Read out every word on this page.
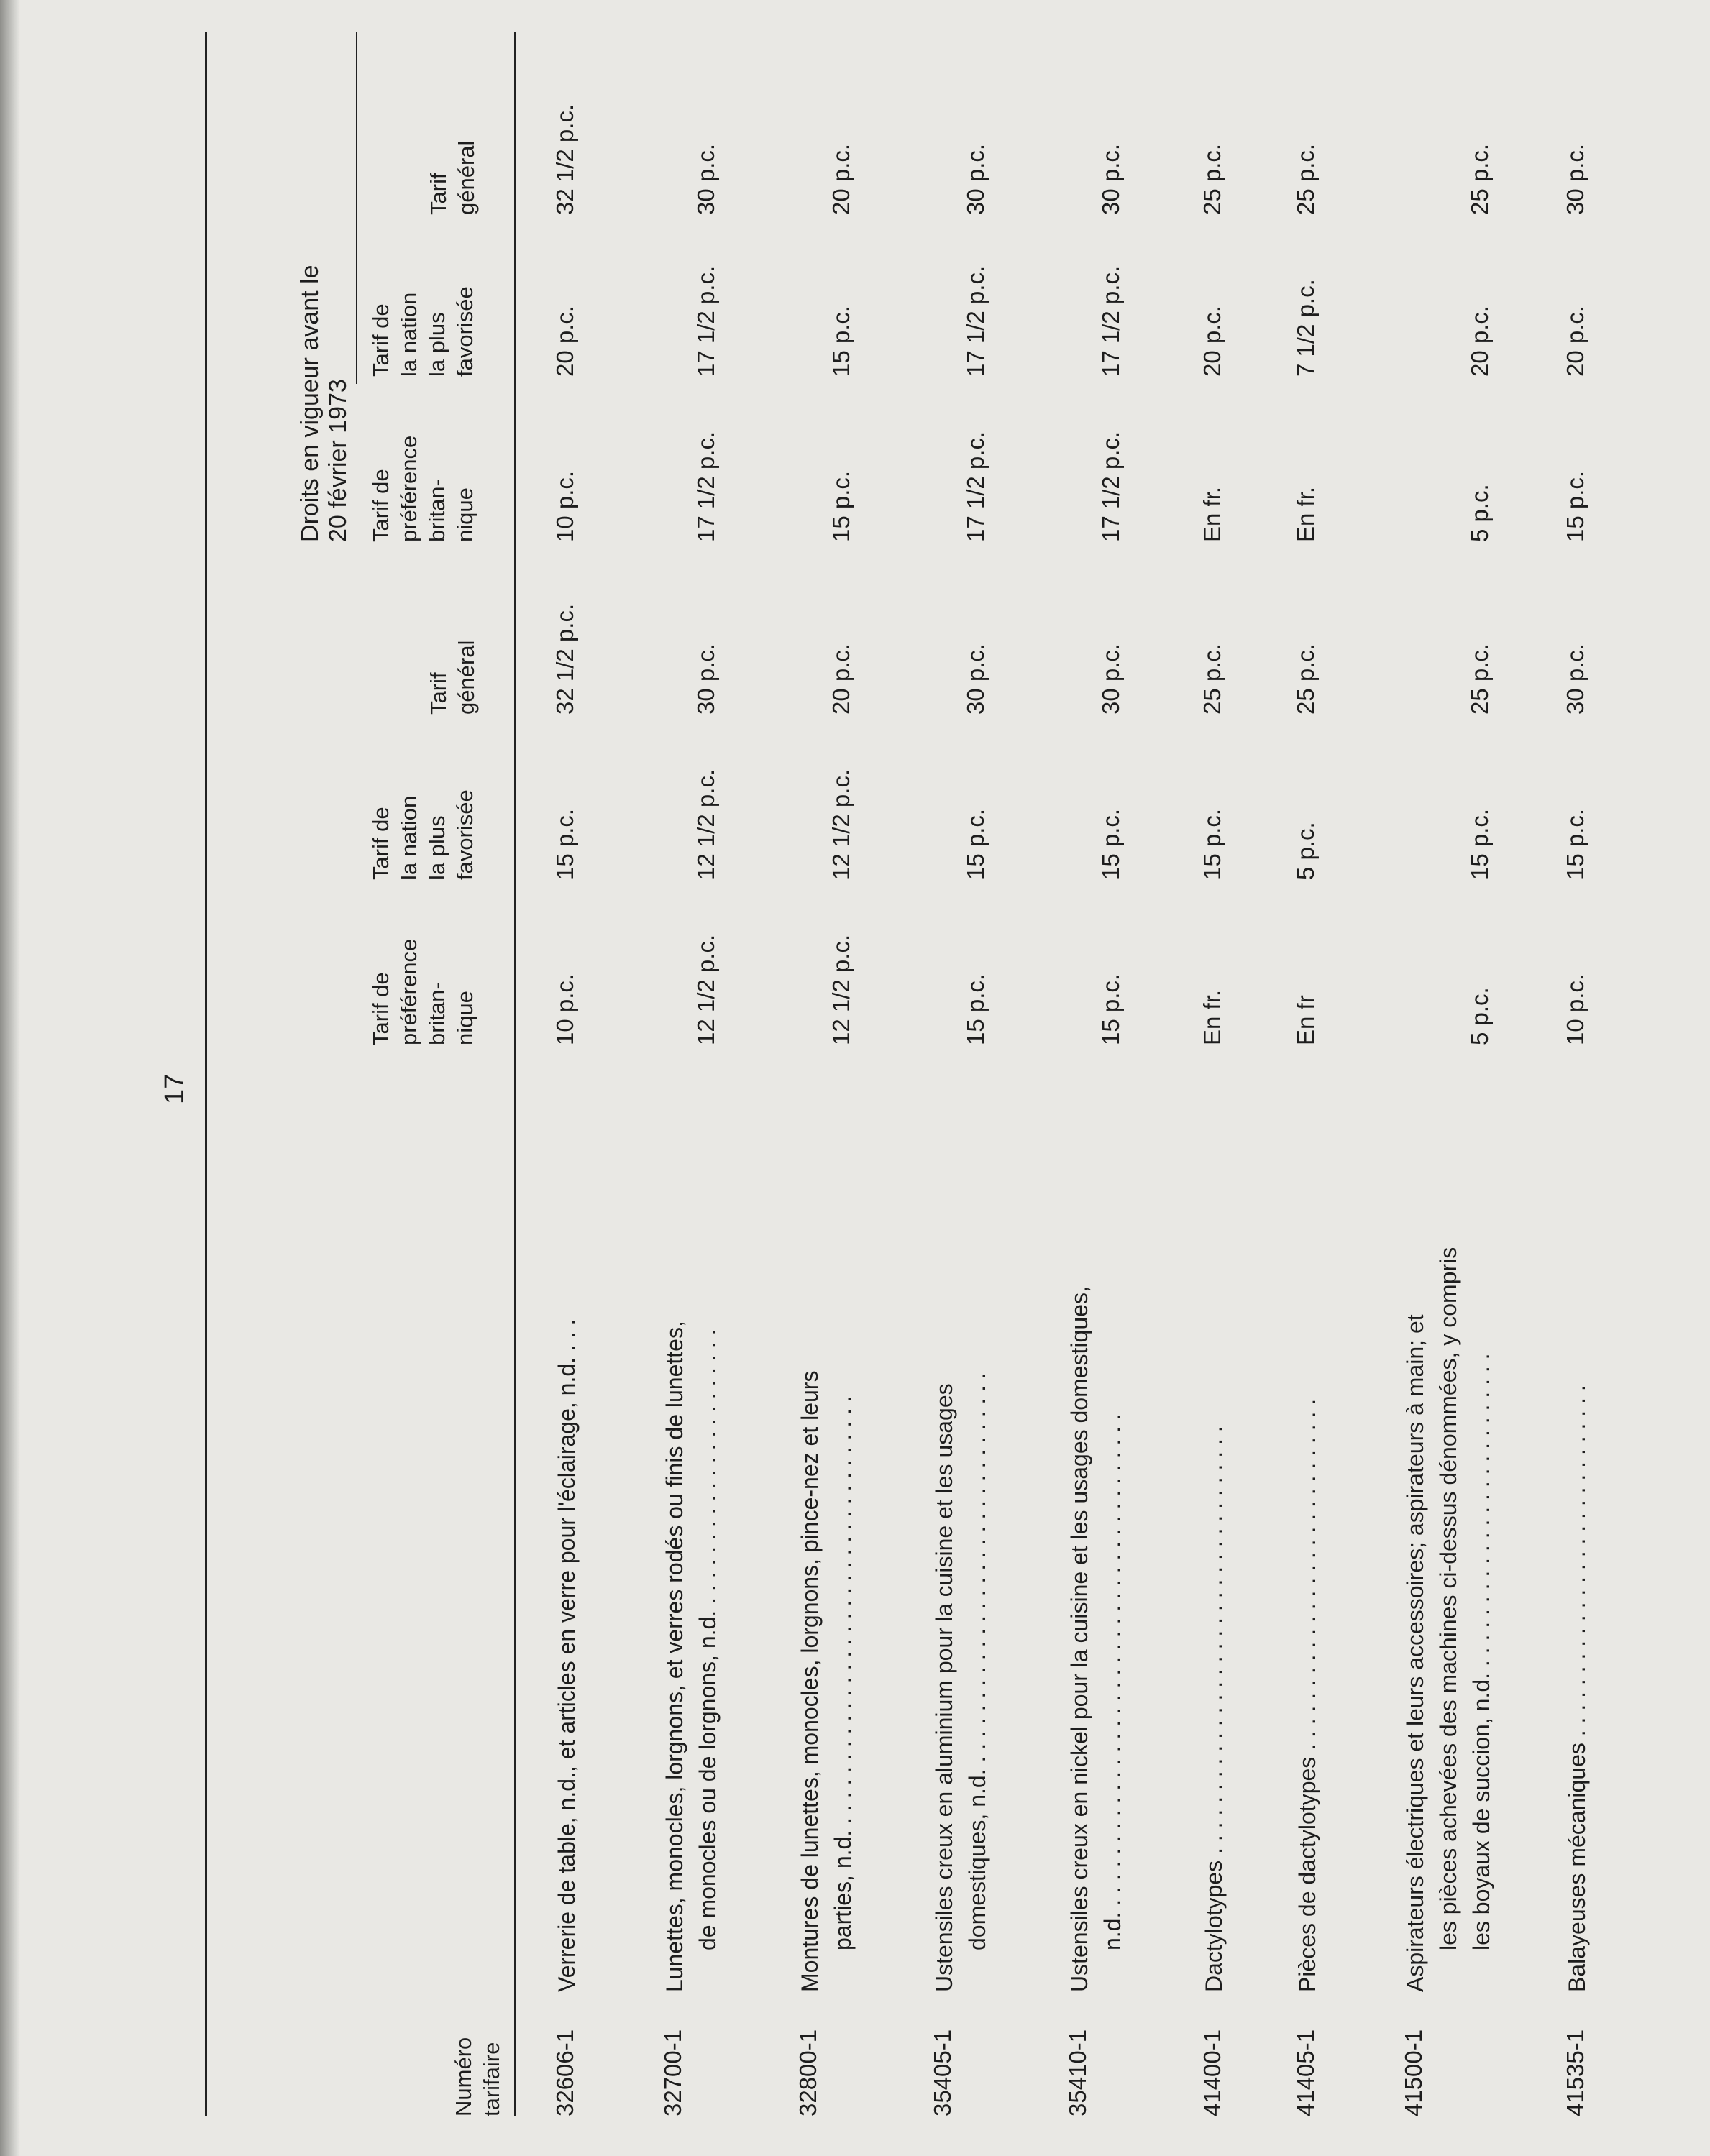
17
Numéro tarifaire
Tarif de préférence britan- nique
Tarif de la nation la plus favorisée
Tarif général
Droits en vigueur avant le 20 février 1973 Tarif de préférence britan- nique
Tarif de la nation la plus favorisée
Tarif général
32606-1
Verrerie de table, n.d., et articles en verre pour l'éclairage, n.d. . . .
10 p.c.
15 p.c.
32 1/2 p.c.
10 p.c.
20 p.c.
32 1/2 p.c.
32700-1
Lunettes, monocles, lorgnons, et verres rodés ou finis de lunettes, de monocles ou de lorgnons, n.d. . . . . . . . . . . . . . . . . . . . . . .
12 1/2 p.c.
12 1/2 p.c.
30 p.c.
17 1/2 p.c.
17 1/2 p.c.
30 p.c.
32800-1
Montures de lunettes, monocles, lorgnons, pince-nez et leurs parties, n.d. . . . . . . . . . . . . . . . . . . . . . . . . . . . . . . . . . .
12 1/2 p.c.
12 1/2 p.c.
20 p.c.
15 p.c.
15 p.c.
20 p.c.
35405-1
Ustensiles creux en aluminium pour la cuisine et les usages domestiques, n.d. . . . . . . . . . . . . . . . . . . . . . . . . . . . . . . .
15 p.c.
15 p.c.
30 p.c.
17 1/2 p.c.
17 1/2 p.c.
30 p.c.
35410-1
Ustensiles creux en nickel pour la cuisine et les usages domestiques, n.d. . . . . . . . . . . . . . . . . . . . . . . . . . . . . . . . . . . . . . . .
15 p.c.
15 p.c.
30 p.c.
17 1/2 p.c.
17 1/2 p.c.
30 p.c.
41400-1
Dactylotypes . . . . . . . . . . . . . . . . . . . . . . . . . . . . . . . . . .
En fr.
15 p.c.
25 p.c.
En fr.
20 p.c.
25 p.c.
41405-1
Pièces de dactylotypes . . . . . . . . . . . . . . . . . . . . . . . . . . . .
En fr
5 p.c.
25 p.c.
En fr.
7 1/2 p.c.
25 p.c.
41500-1
Aspirateurs électriques et leurs accessoires; aspirateurs à main; et les pièces achevées des machines ci-dessus dénommées, y compris les boyaux de succion, n.d. . . . . . . . . . . . . . . . . . . . . . . . . .
5 p.c.
15 p.c.
25 p.c.
5 p.c.
20 p.c.
25 p.c.
41535-1
Balayeuses mécaniques . . . . . . . . . . . . . . . . . . . . . . . . . . . .
10 p.c.
15 p.c.
30 p.c.
15 p.c.
20 p.c.
30 p.c.
